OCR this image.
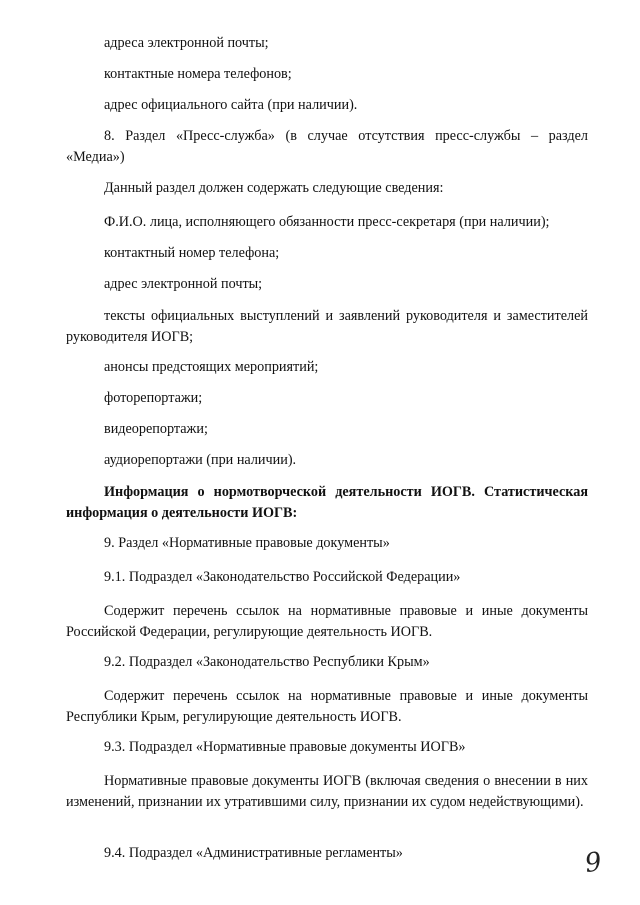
адреса электронной почты;

контактные номера телефонов;

адрес официального сайта (при наличии).

8. Раздел «Пресс-служба» (в случае отсутствия пресс-службы – раздел «Медиа»)

Данный раздел должен содержать следующие сведения:

Ф.И.О. лица, исполняющего обязанности пресс-секретаря (при наличии);

контактный номер телефона;

адрес электронной почты;

тексты официальных выступлений и заявлений руководителя и заместителей руководителя ИОГВ;

анонсы предстоящих мероприятий;

фоторепортажи;

видеорепортажи;

аудиорепортажи (при наличии).

Информация о нормотворческой деятельности ИОГВ. Статистическая информация о деятельности ИОГВ:

9. Раздел «Нормативные правовые документы»

9.1. Подраздел «Законодательство Российской Федерации»

Содержит перечень ссылок на нормативные правовые и иные документы Российской Федерации, регулирующие деятельность ИОГВ.

9.2. Подраздел «Законодательство Республики Крым»

Содержит перечень ссылок на нормативные правовые и иные документы Республики Крым, регулирующие деятельность ИОГВ.

9.3. Подраздел «Нормативные правовые документы ИОГВ»

Нормативные правовые документы ИОГВ (включая сведения о внесении в них изменений, признании их утратившими силу, признании их судом недействующими).

9.4. Подраздел «Административные регламенты»	9
